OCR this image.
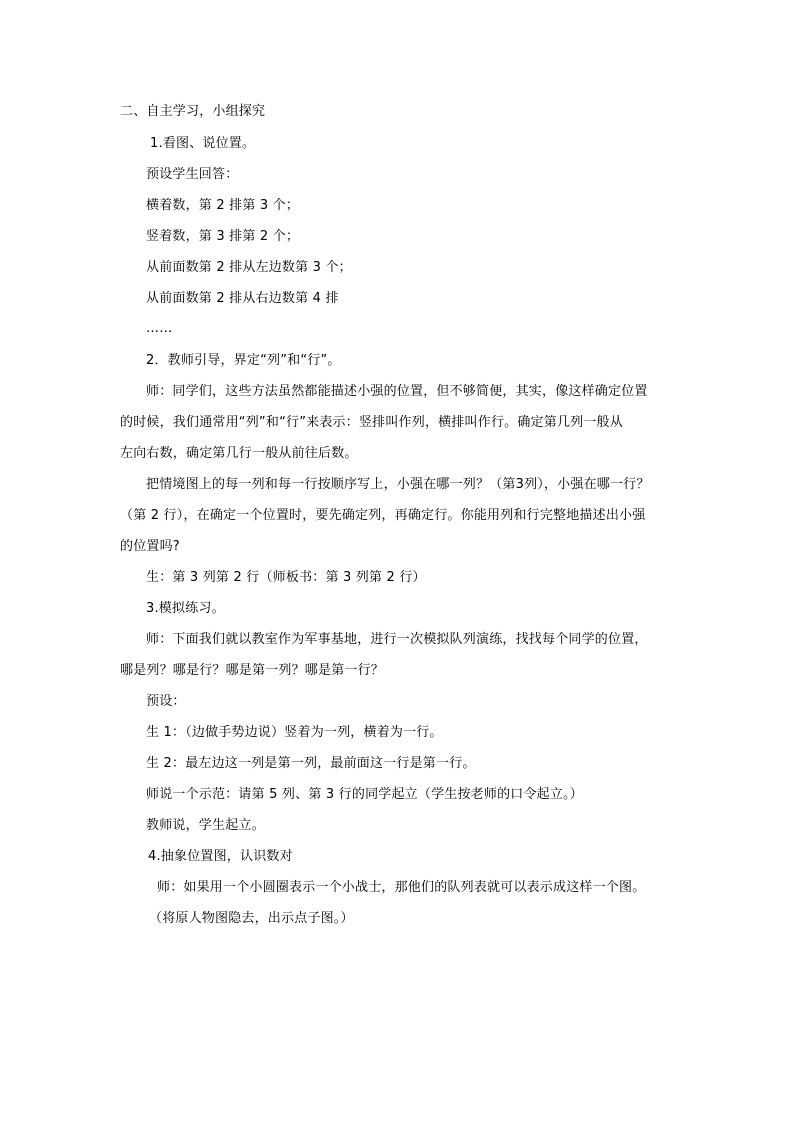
二、自主学习，小组探究
1.看图、说位置。
预设学生回答：
横着数，第 2 排第 3 个；
竖着数，第 3 排第 2 个；
从前面数第 2 排从左边数第 3 个；
从前面数第 2 排从右边数第 4 排
……
2．教师引导，界定“列”和“行”。
师：同学们，这些方法虽然都能描述小强的位置，但不够简便，其实，像这样确定位置
的时候，我们通常用“列”和“行”来表示：竖排叫作列，横排叫作行。确定第几列一般从
左向右数，确定第几行一般从前往后数。
把情境图上的每一列和每一行按顺序写上，小强在哪一列？（第3列），小强在哪一行？
（第 2 行），在确定一个位置时，要先确定列，再确定行。你能用列和行完整地描述出小强
的位置吗?
生：第 3 列第 2 行（师板书：第 3 列第 2 行）
3.模拟练习。
师：下面我们就以教室作为军事基地，进行一次模拟队列演练，找找每个同学的位置，
哪是列？哪是行？哪是第一列？哪是第一行？
预设：
生 1：（边做手势边说）竖着为一列，横着为一行。
生 2：最左边这一列是第一列，最前面这一行是第一行。
师说一个示范：请第 5 列、第 3 行的同学起立（学生按老师的口令起立。）
教师说，学生起立。
4.抽象位置图，认识数对
师：如果用一个小圆圈表示一个小战士，那他们的队列表就可以表示成这样一个图。
（将原人物图隐去，出示点子图。）
